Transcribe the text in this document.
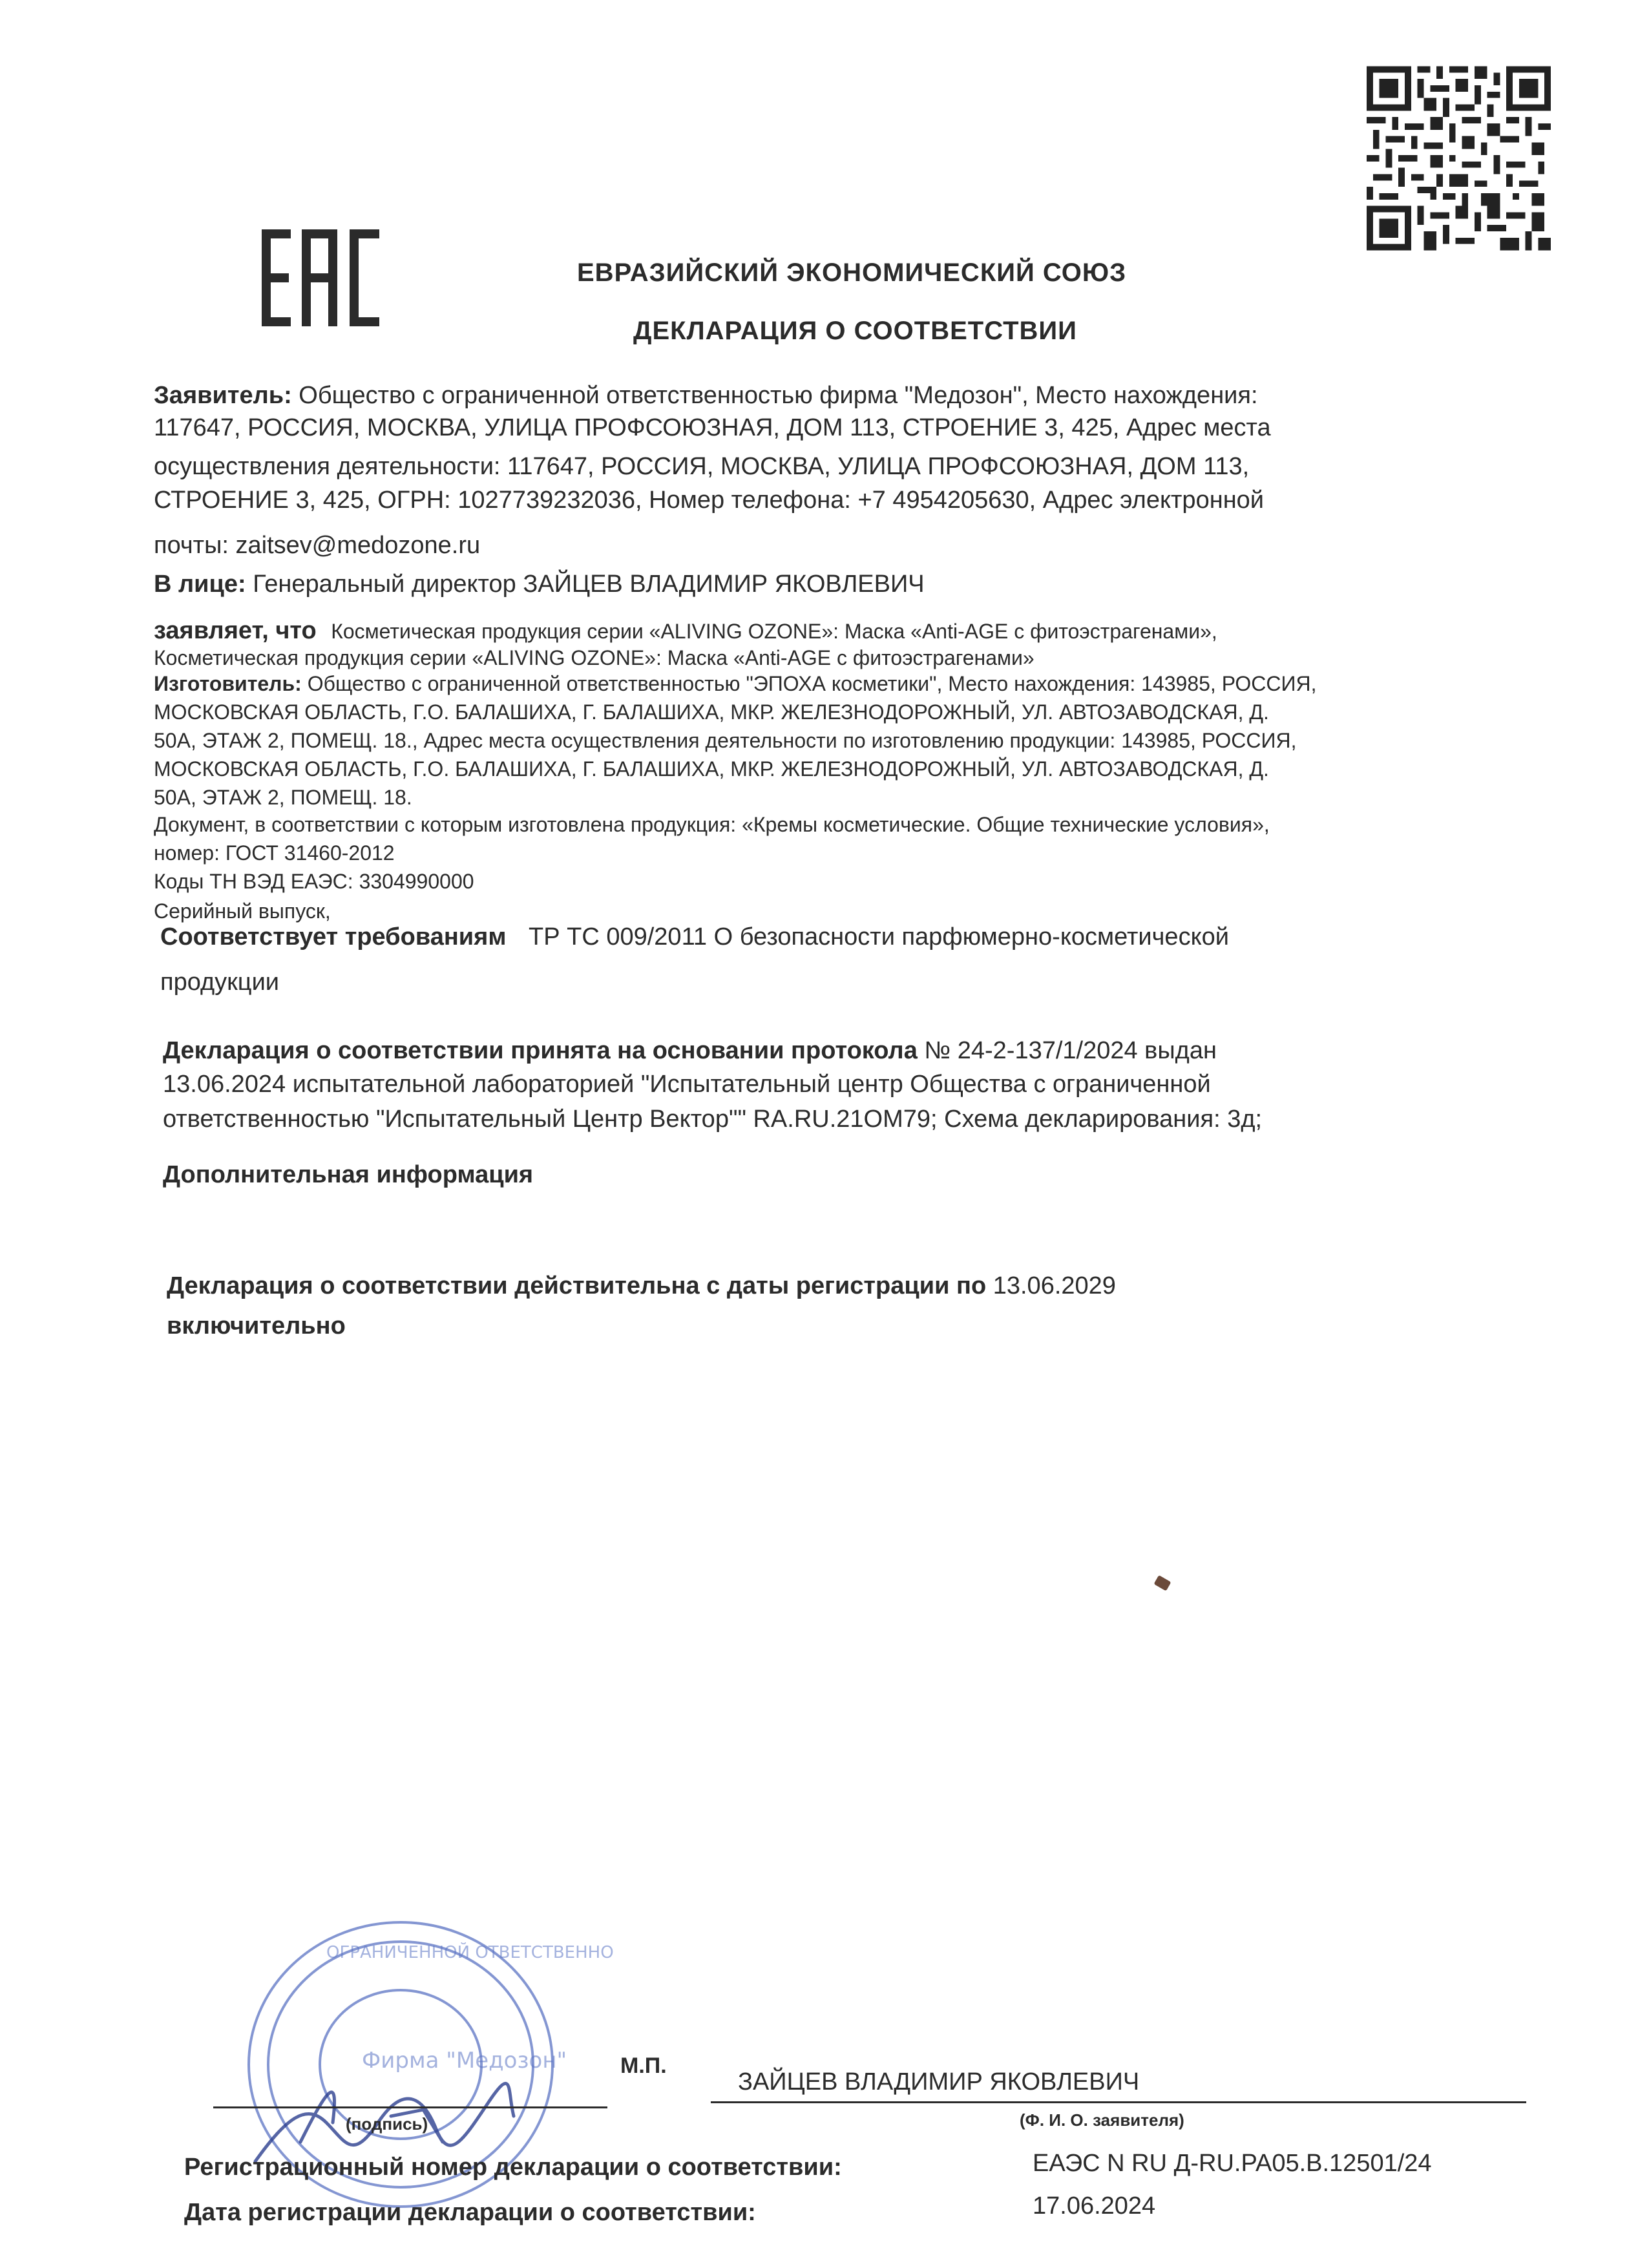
ЕВРАЗИЙСКИЙ ЭКОНОМИЧЕСКИЙ СОЮЗ
ДЕКЛАРАЦИЯ О СООТВЕТСТВИИ
Заявитель: Общество с ограниченной ответственностью фирма "Медозон", Место нахождения:
117647, РОССИЯ, МОСКВА, УЛИЦА ПРОФСОЮЗНАЯ, ДОМ 113, СТРОЕНИЕ 3, 425, Адрес места
осуществления деятельности: 117647, РОССИЯ, МОСКВА, УЛИЦА ПРОФСОЮЗНАЯ, ДОМ 113,
СТРОЕНИЕ 3, 425, ОГРН: 1027739232036, Номер телефона: +7 4954205630, Адрес электронной
почты: zaitsev@medozone.ru
В лице: Генеральный директор ЗАЙЦЕВ ВЛАДИМИР ЯКОВЛЕВИЧ
заявляет, что Косметическая продукция серии «ALIVING OZONE»: Маска «Anti-AGE с фитоэстрагенами»,
Косметическая продукция серии «ALIVING OZONE»: Маска «Anti-AGE с фитоэстрагенами»
Изготовитель: Общество с ограниченной ответственностью "ЭПОХА косметики", Место нахождения: 143985, РОССИЯ,
МОСКОВСКАЯ ОБЛАСТЬ, Г.О. БАЛАШИХА, Г. БАЛАШИХА, МКР. ЖЕЛЕЗНОДОРОЖНЫЙ, УЛ. АВТОЗАВОДСКАЯ, Д.
50А, ЭТАЖ 2, ПОМЕЩ. 18., Адрес места осуществления деятельности по изготовлению продукции: 143985, РОССИЯ,
МОСКОВСКАЯ ОБЛАСТЬ, Г.О. БАЛАШИХА, Г. БАЛАШИХА, МКР. ЖЕЛЕЗНОДОРОЖНЫЙ, УЛ. АВТОЗАВОДСКАЯ, Д.
50А, ЭТАЖ 2, ПОМЕЩ. 18.
Документ, в соответствии с которым изготовлена продукция: «Кремы косметические. Общие технические условия»,
номер: ГОСТ 31460-2012
Коды ТН ВЭД ЕАЭС: 3304990000
Серийный выпуск,
Соответствует требованиям ТР ТС 009/2011 О безопасности парфюмерно-косметической
продукции
Декларация о соответствии принята на основании протокола № 24-2-137/1/2024 выдан
13.06.2024 испытательной лабораторией "Испытательный центр Общества с ограниченной
ответственностью "Испытательный Центр Вектор"" RA.RU.21ОМ79; Схема декларирования: 3д;
Дополнительная информация
Декларация о соответствии действительна с даты регистрации по 13.06.2029
включительно
ОГРАНИЧЕННОЙ ОТВЕТСТВЕННО
Фирма "Медозон" М.П.
ЗАЙЦЕВ ВЛАДИМИР ЯКОВЛЕВИЧ
(подпись)	(Ф. И. О. заявителя)
Регистрационный номер декларации о соответствии:	ЕАЭС N RU Д-RU.PA05.B.12501/24
Дата регистрации декларации о соответствии:	17.06.2024
